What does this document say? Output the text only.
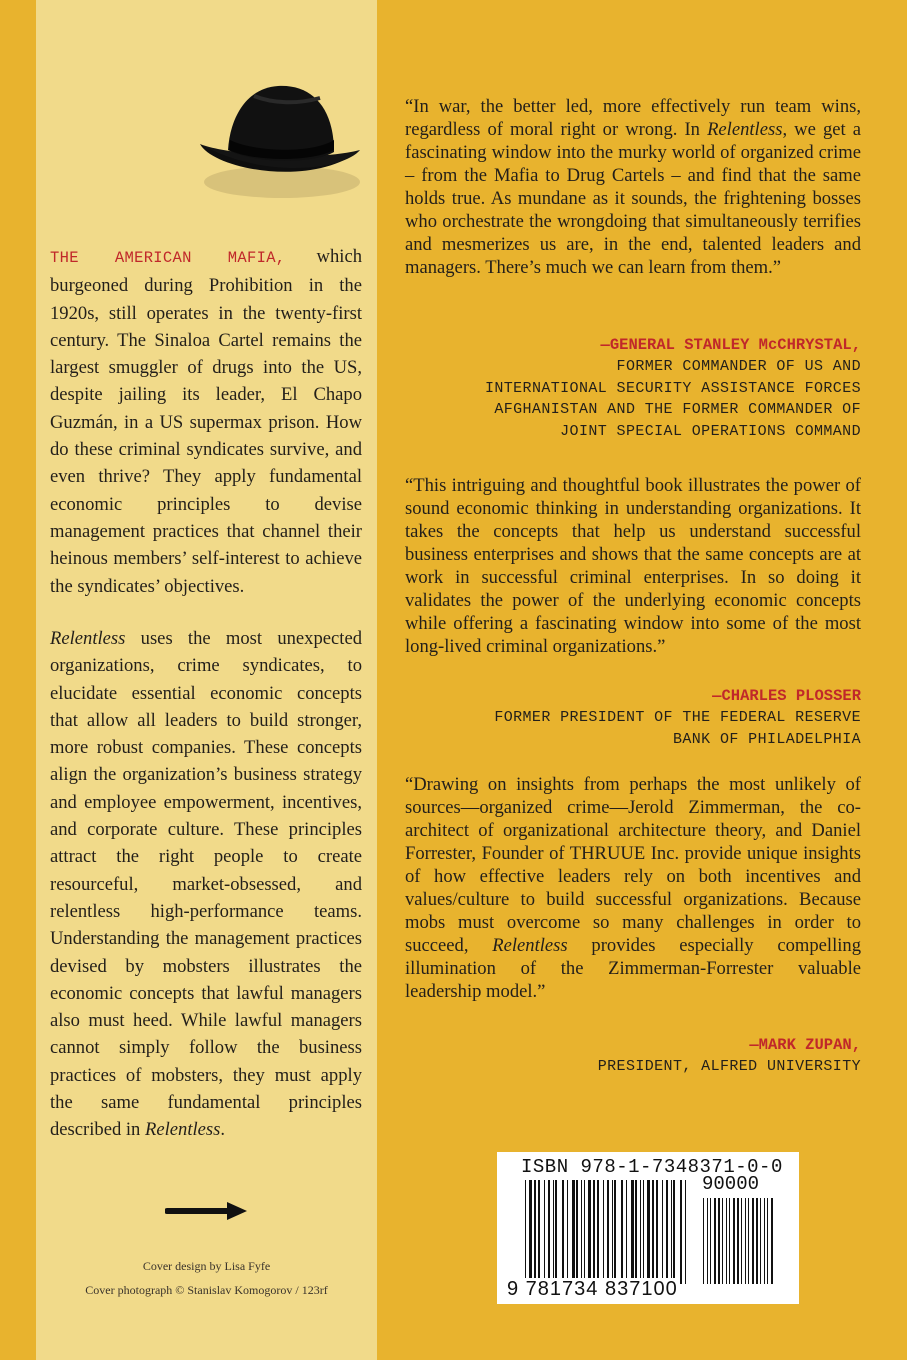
THE AMERICAN MAFIA, which burgeoned during Prohibition in the 1920s, still operates in the twenty-first century. The Sinaloa Cartel remains the largest smuggler of drugs into the US, despite jailing its leader, El Chapo Guzmán, in a US supermax prison. How do these criminal syndicates survive, and even thrive? They apply fundamental economic principles to devise management practices that channel their heinous members’ self-interest to achieve the syndicates’ objectives.
Relentless uses the most unexpected organizations, crime syndicates, to elucidate essential economic concepts that allow all leaders to build stronger, more robust companies. These concepts align the organization’s business strategy and employee empowerment, incentives, and corporate culture. These principles attract the right people to create resourceful, market-obsessed, and relentless high-performance teams. Understanding the management practices devised by mobsters illustrates the economic concepts that lawful managers also must heed. While lawful managers cannot simply follow the business practices of mobsters, they must apply the same fundamental principles described in Relentless.
Cover design by Lisa Fyfe
Cover photograph © Stanislav Komogorov / 123rf
“In war, the better led, more effectively run team wins, regardless of moral right or wrong. In Relentless, we get a fascinating window into the murky world of organized crime – from the Mafia to Drug Cartels – and find that the same holds true. As mundane as it sounds, the frightening bosses who orchestrate the wrongdoing that simultaneously terrifies and mesmerizes us are, in the end, talented leaders and managers. There’s much we can learn from them.”
—GENERAL STANLEY McCHRYSTAL,
FORMER COMMANDER OF US AND
INTERNATIONAL SECURITY ASSISTANCE FORCES
AFGHANISTAN AND THE FORMER COMMANDER OF
JOINT SPECIAL OPERATIONS COMMAND
“This intriguing and thoughtful book illustrates the power of sound economic thinking in understanding organizations. It takes the concepts that help us understand successful business enterprises and shows that the same concepts are at work in successful criminal enterprises. In so doing it validates the power of the underlying economic concepts while offering a fascinating window into some of the most long-lived criminal organizations.”
—CHARLES PLOSSER
FORMER PRESIDENT OF THE FEDERAL RESERVE
BANK OF PHILADELPHIA
“Drawing on insights from perhaps the most unlikely of sources—organized crime—Jerold Zimmerman, the co-architect of organizational architecture theory, and Daniel Forrester, Founder of THRUUE Inc. provide unique insights of how effective leaders rely on both incentives and values/culture to build successful organizations. Because mobs must overcome so many challenges in order to succeed, Relentless provides especially compelling illumination of the Zimmerman-Forrester valuable leadership model.”
—MARK ZUPAN,
PRESIDENT, ALFRED UNIVERSITY
ISBN 978-1-7348371-0-0
90000
9 781734 837100
